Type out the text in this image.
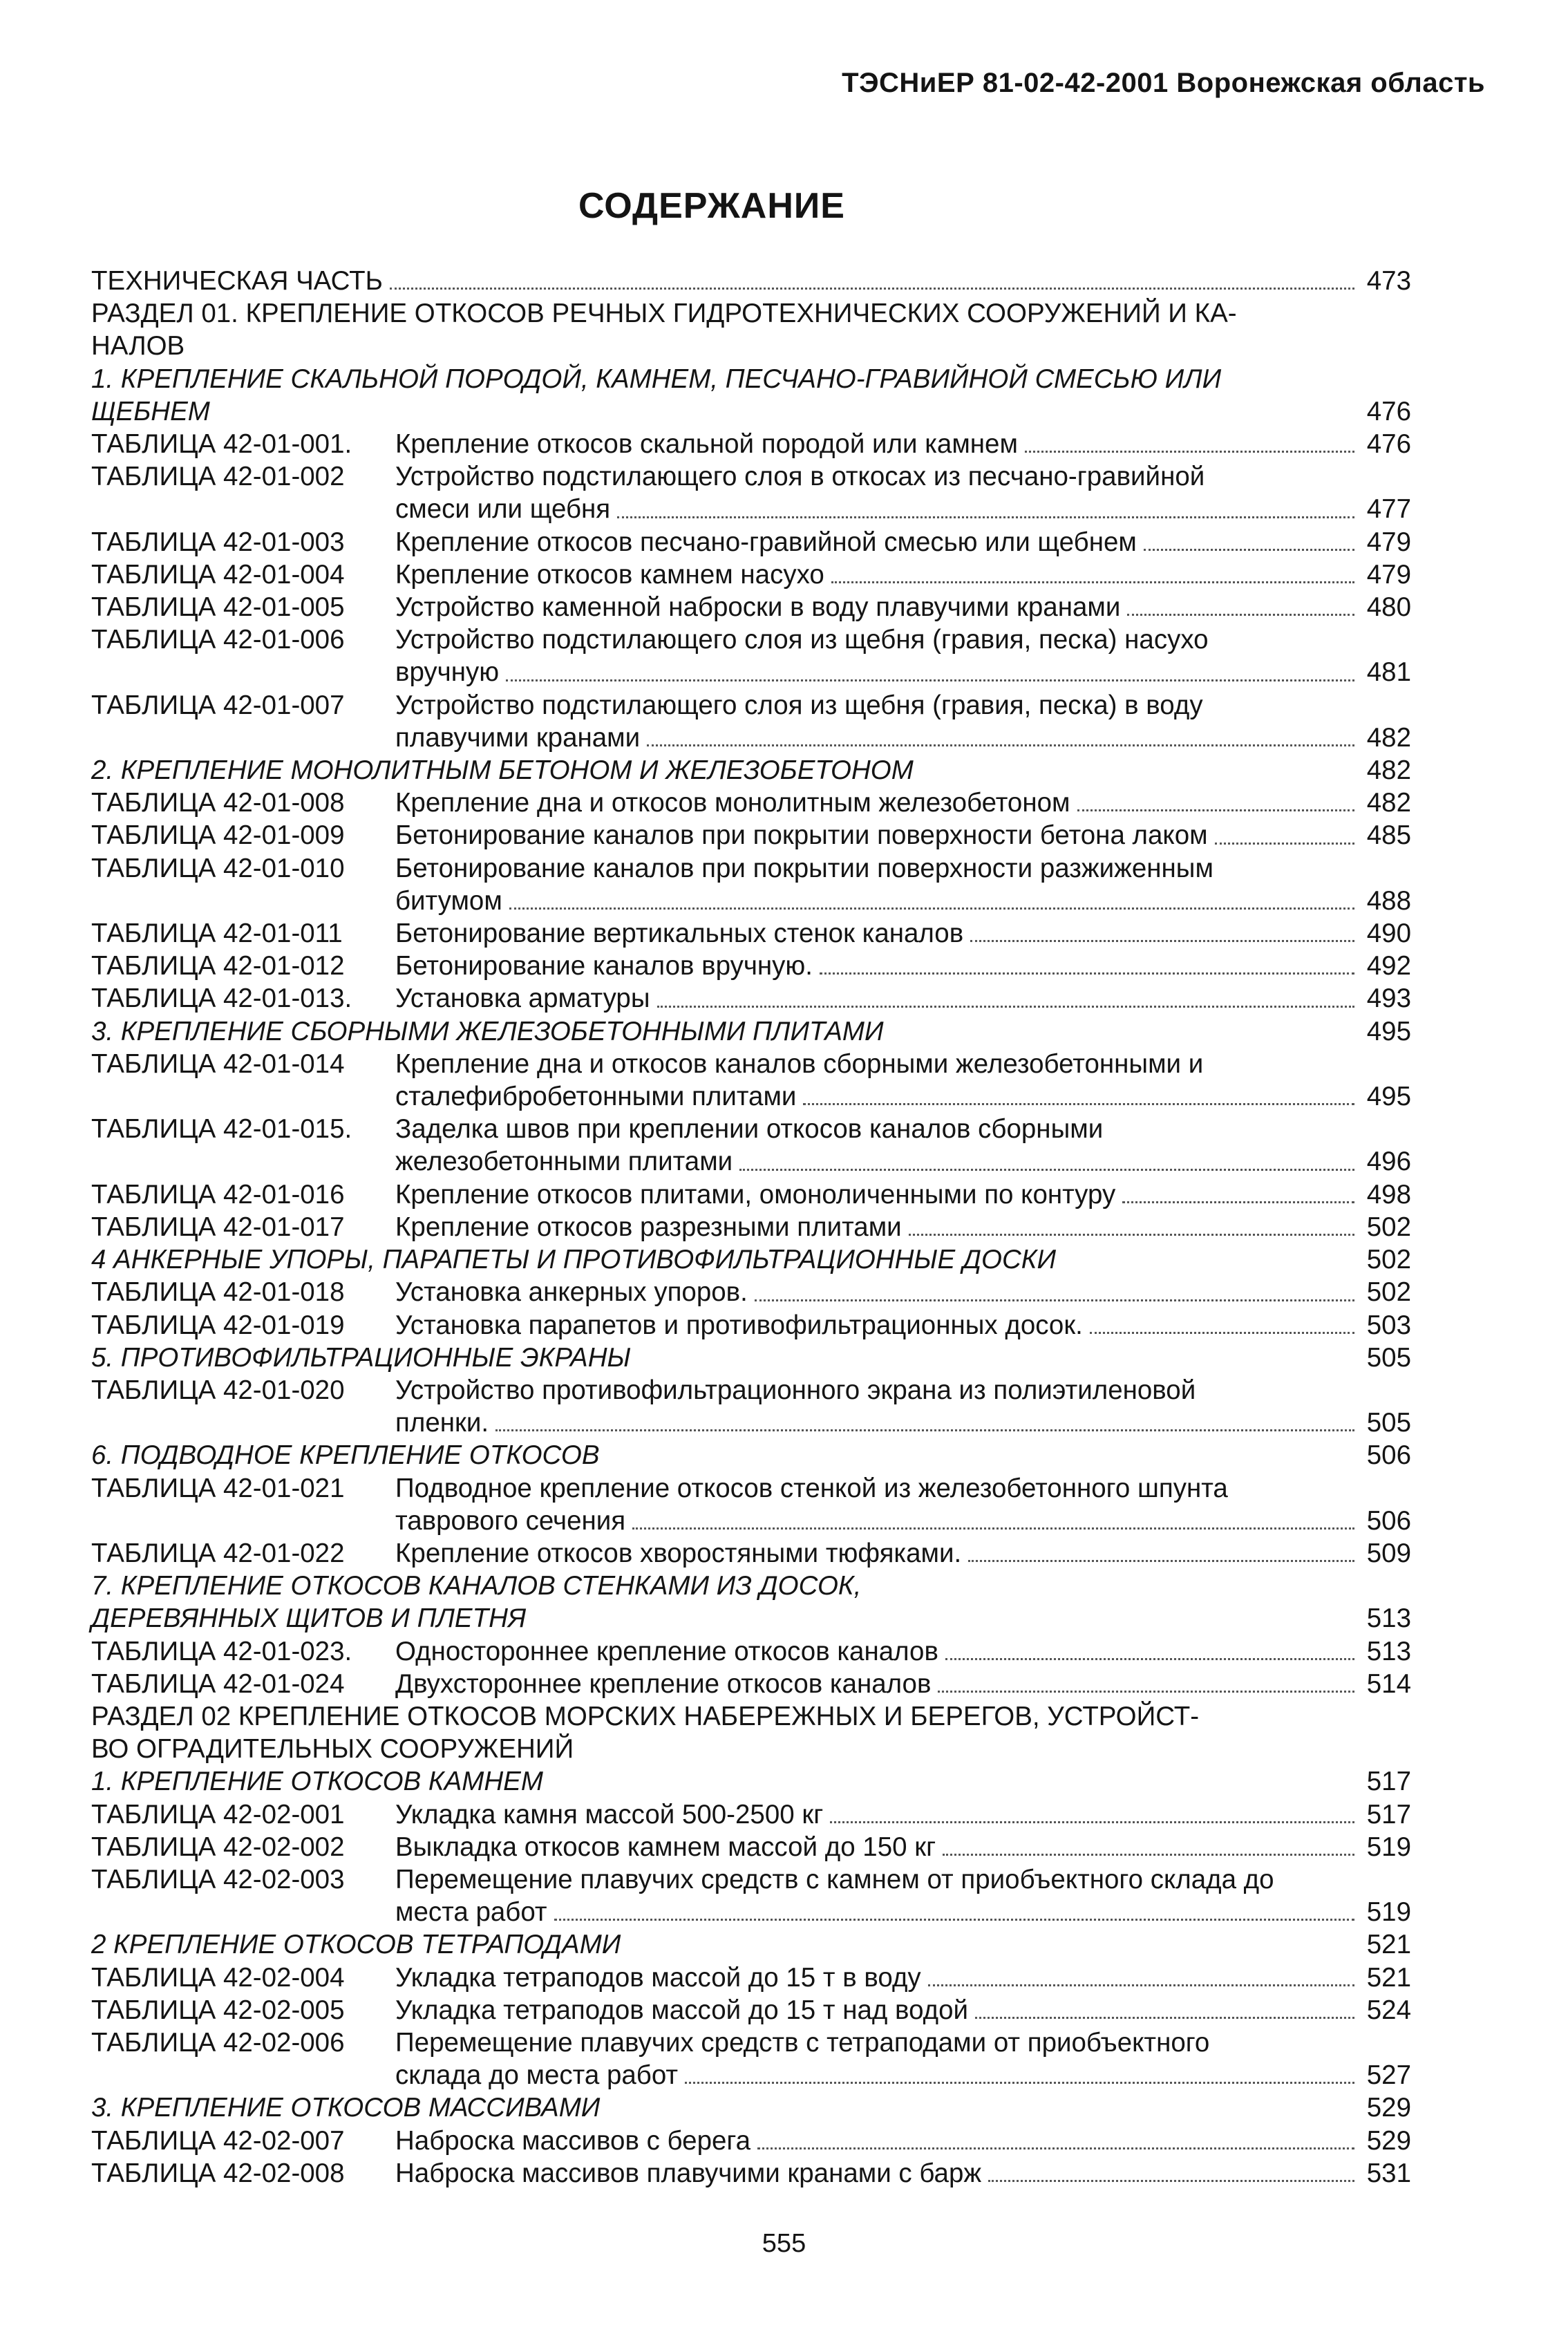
ТЭСНиЕР 81-02-42-2001 Воронежская область
СОДЕРЖАНИЕ
ТЕХНИЧЕСКАЯ ЧАСТЬ	473
РАЗДЕЛ 01. КРЕПЛЕНИЕ ОТКОСОВ РЕЧНЫХ ГИДРОТЕХНИЧЕСКИХ СООРУЖЕНИЙ И КА-
НАЛОВ
1. КРЕПЛЕНИЕ СКАЛЬНОЙ ПОРОДОЙ, КАМНЕМ, ПЕСЧАНО-ГРАВИЙНОЙ СМЕСЬЮ ИЛИ
ЩЕБНЕМ	476
ТАБЛИЦА 42-01-001.	Крепление откосов скальной породой или камнем	476
ТАБЛИЦА 42-01-002	Устройство подстилающего слоя в откосах из песчано-гравийной
смеси или щебня	477
ТАБЛИЦА 42-01-003	Крепление откосов песчано-гравийной смесью или щебнем	479
ТАБЛИЦА 42-01-004	Крепление откосов камнем насухо	479
ТАБЛИЦА 42-01-005	Устройство каменной наброски в воду плавучими кранами	480
ТАБЛИЦА 42-01-006	Устройство подстилающего слоя из щебня (гравия, песка) насухо
вручную	481
ТАБЛИЦА 42-01-007	Устройство подстилающего слоя из щебня (гравия, песка) в воду
плавучими кранами	482
2. КРЕПЛЕНИЕ МОНОЛИТНЫМ БЕТОНОМ И ЖЕЛЕЗОБЕТОНОМ	482
ТАБЛИЦА 42-01-008	Крепление дна и откосов монолитным железобетоном	482
ТАБЛИЦА 42-01-009	Бетонирование каналов при покрытии поверхности бетона лаком	485
ТАБЛИЦА 42-01-010	Бетонирование каналов при покрытии поверхности разжиженным
битумом	488
ТАБЛИЦА 42-01-011	Бетонирование вертикальных стенок каналов	490
ТАБЛИЦА 42-01-012	Бетонирование каналов вручную.	492
ТАБЛИЦА 42-01-013.	Установка арматуры	493
3. КРЕПЛЕНИЕ СБОРНЫМИ ЖЕЛЕЗОБЕТОННЫМИ ПЛИТАМИ	495
ТАБЛИЦА 42-01-014	Крепление дна и откосов каналов сборными железобетонными и
сталефибробетонными плитами	495
ТАБЛИЦА 42-01-015.	Заделка швов при креплении откосов каналов сборными
железобетонными плитами	496
ТАБЛИЦА 42-01-016	Крепление откосов плитами, омоноличенными по контуру	498
ТАБЛИЦА 42-01-017	Крепление откосов разрезными плитами	502
4 АНКЕРНЫЕ УПОРЫ, ПАРАПЕТЫ И ПРОТИВОФИЛЬТРАЦИОННЫЕ ДОСКИ	502
ТАБЛИЦА 42-01-018	Установка анкерных упоров.	502
ТАБЛИЦА 42-01-019	Установка парапетов и противофильтрационных досок.	503
5. ПРОТИВОФИЛЬТРАЦИОННЫЕ ЭКРАНЫ	505
ТАБЛИЦА 42-01-020	Устройство противофильтрационного экрана из полиэтиленовой
пленки.	505
6. ПОДВОДНОЕ КРЕПЛЕНИЕ ОТКОСОВ	506
ТАБЛИЦА 42-01-021	Подводное крепление откосов стенкой из железобетонного шпунта
таврового сечения	506
ТАБЛИЦА 42-01-022	Крепление откосов хворостяными тюфяками.	509
7. КРЕПЛЕНИЕ ОТКОСОВ КАНАЛОВ СТЕНКАМИ ИЗ ДОСОК,
ДЕРЕВЯННЫХ ЩИТОВ И ПЛЕТНЯ	513
ТАБЛИЦА 42-01-023.	Одностороннее крепление откосов каналов	513
ТАБЛИЦА 42-01-024	Двухстороннее крепление откосов каналов	514
РАЗДЕЛ 02 КРЕПЛЕНИЕ ОТКОСОВ МОРСКИХ НАБЕРЕЖНЫХ И БЕРЕГОВ, УСТРОЙСТ-
ВО ОГРАДИТЕЛЬНЫХ СООРУЖЕНИЙ
1. КРЕПЛЕНИЕ ОТКОСОВ КАМНЕМ	517
ТАБЛИЦА 42-02-001	Укладка камня массой 500-2500 кг	517
ТАБЛИЦА 42-02-002	Выкладка откосов камнем массой до 150 кг	519
ТАБЛИЦА 42-02-003	Перемещение плавучих средств с камнем от приобъектного склада до
места работ	519
2 КРЕПЛЕНИЕ ОТКОСОВ ТЕТРАПОДАМИ	521
ТАБЛИЦА 42-02-004	Укладка тетраподов массой до 15 т в воду	521
ТАБЛИЦА 42-02-005	Укладка тетраподов массой до 15 т над водой	524
ТАБЛИЦА 42-02-006	Перемещение плавучих средств с тетраподами от приобъектного
склада до места работ	527
3. КРЕПЛЕНИЕ ОТКОСОВ МАССИВАМИ	529
ТАБЛИЦА 42-02-007	Наброска массивов с берега	529
ТАБЛИЦА 42-02-008	Наброска массивов плавучими кранами с барж	531
555
